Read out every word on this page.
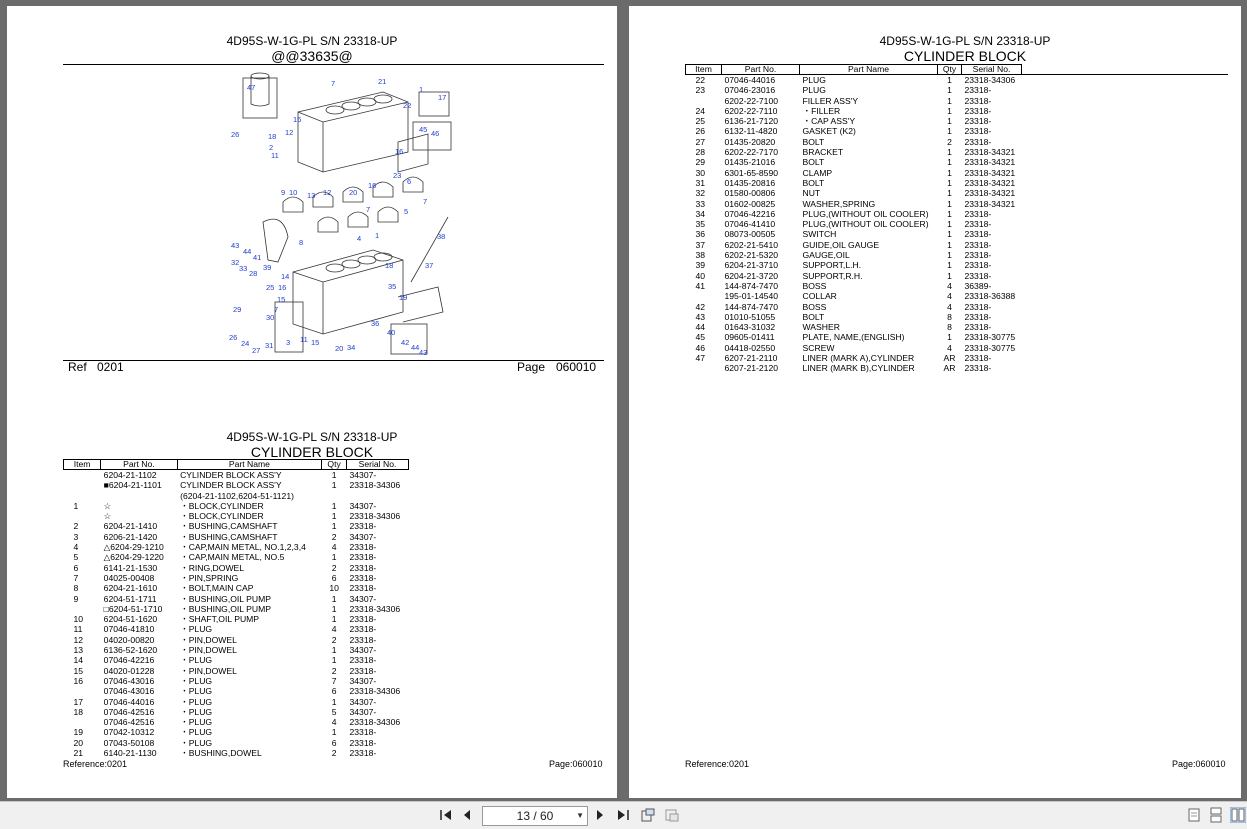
4D95S-W-1G-PL S/N 23318-UP
@@33635@
47	7	21
1
17
22
16
45 46
12
18
26
2
11	16
23
6
9 10 13 12 20
16
7	5
7
4 1	38
43
44
41
32
33
28
39
14
18	37
25 16	35
15	19
29	7
30
36
3
40
26
24
27
31
11 15
20 34
42
44
43
8
Ref 0201	Page 060010
4D95S-W-1G-PL S/N 23318-UP
CYLINDER BLOCK
Item	Part No.	Part Name	Qty	Serial No.
	6204-21-1102	CYLINDER BLOCK ASS'Y	1	34307-
	■6204-21-1101	CYLINDER BLOCK ASS'Y	1	23318-34306
		(6204-21-1102,6204-51-1121)		
1	☆	・BLOCK,CYLINDER	1	34307-
	☆	・BLOCK,CYLINDER	1	23318-34306
2	6204-21-1410	・BUSHING,CAMSHAFT	1	23318-
3	6206-21-1420	・BUSHING,CAMSHAFT	2	34307-
4	△6204-29-1210	・CAP,MAIN METAL, NO.1,2,3,4	4	23318-
5	△6204-29-1220	・CAP,MAIN METAL, NO.5	1	23318-
6	6141-21-1530	・RING,DOWEL	2	23318-
7	04025-00408	・PIN,SPRING	6	23318-
8	6204-21-1610	・BOLT,MAIN CAP	10	23318-
9	6204-51-1711	・BUSHING,OIL PUMP	1	34307-
	□6204-51-1710	・BUSHING,OIL PUMP	1	23318-34306
10	6204-51-1620	・SHAFT,OIL PUMP	1	23318-
11	07046-41810	・PLUG	4	23318-
12	04020-00820	・PIN,DOWEL	2	23318-
13	6136-52-1620	・PIN,DOWEL	1	34307-
14	07046-42216	・PLUG	1	23318-
15	04020-01228	・PIN,DOWEL	2	23318-
16	07046-43016	・PLUG	7	34307-
	07046-43016	・PLUG	6	23318-34306
17	07046-44016	・PLUG	1	34307-
18	07046-42516	・PLUG	5	34307-
	07046-42516	・PLUG	4	23318-34306
19	07042-10312	・PLUG	1	23318-
20	07043-50108	・PLUG	6	23318-
21	6140-21-1130	・BUSHING,DOWEL	2	23318-
Reference:0201	Page:060010
4D95S-W-1G-PL S/N 23318-UP
CYLINDER BLOCK
Item	Part No.	Part Name	Qty	Serial No.	
22	07046-44016	PLUG	1	23318-34306	
23	07046-23016	PLUG	1	23318-	
	6202-22-7100	FILLER ASS'Y	1	23318-	
24	6202-22-7110	・FILLER	1	23318-	
25	6136-21-7120	・CAP ASS'Y	1	23318-	
26	6132-11-4820	GASKET (K2)	1	23318-	
27	01435-20820	BOLT	2	23318-	
28	6202-22-7170	BRACKET	1	23318-34321	
29	01435-21016	BOLT	1	23318-34321	
30	6301-65-8590	CLAMP	1	23318-34321	
31	01435-20816	BOLT	1	23318-34321	
32	01580-00806	NUT	1	23318-34321	
33	01602-00825	WASHER,SPRING	1	23318-34321	
34	07046-42216	PLUG,(WITHOUT OIL COOLER)	1	23318-	
35	07046-41410	PLUG,(WITHOUT OIL COOLER)	1	23318-	
36	08073-00505	SWITCH	1	23318-	
37	6202-21-5410	GUIDE,OIL GAUGE	1	23318-	
38	6202-21-5320	GAUGE,OIL	1	23318-	
39	6204-21-3710	SUPPORT,L.H.	1	23318-	
40	6204-21-3720	SUPPORT,R.H.	1	23318-	
41	144-874-7470	BOSS	4	36389-	
	195-01-14540	COLLAR	4	23318-36388	
42	144-874-7470	BOSS	4	23318-	
43	01010-51055	BOLT	8	23318-	
44	01643-31032	WASHER	8	23318-	
45	09605-01411	PLATE, NAME,(ENGLISH)	1	23318-30775	
46	04418-02550	SCREW	4	23318-30775	
47	6207-21-2110	LINER (MARK A),CYLINDER	AR	23318-	
	6207-21-2120	LINER (MARK B),CYLINDER	AR	23318-	
Reference:0201	Page:060010
13 / 60	▼
